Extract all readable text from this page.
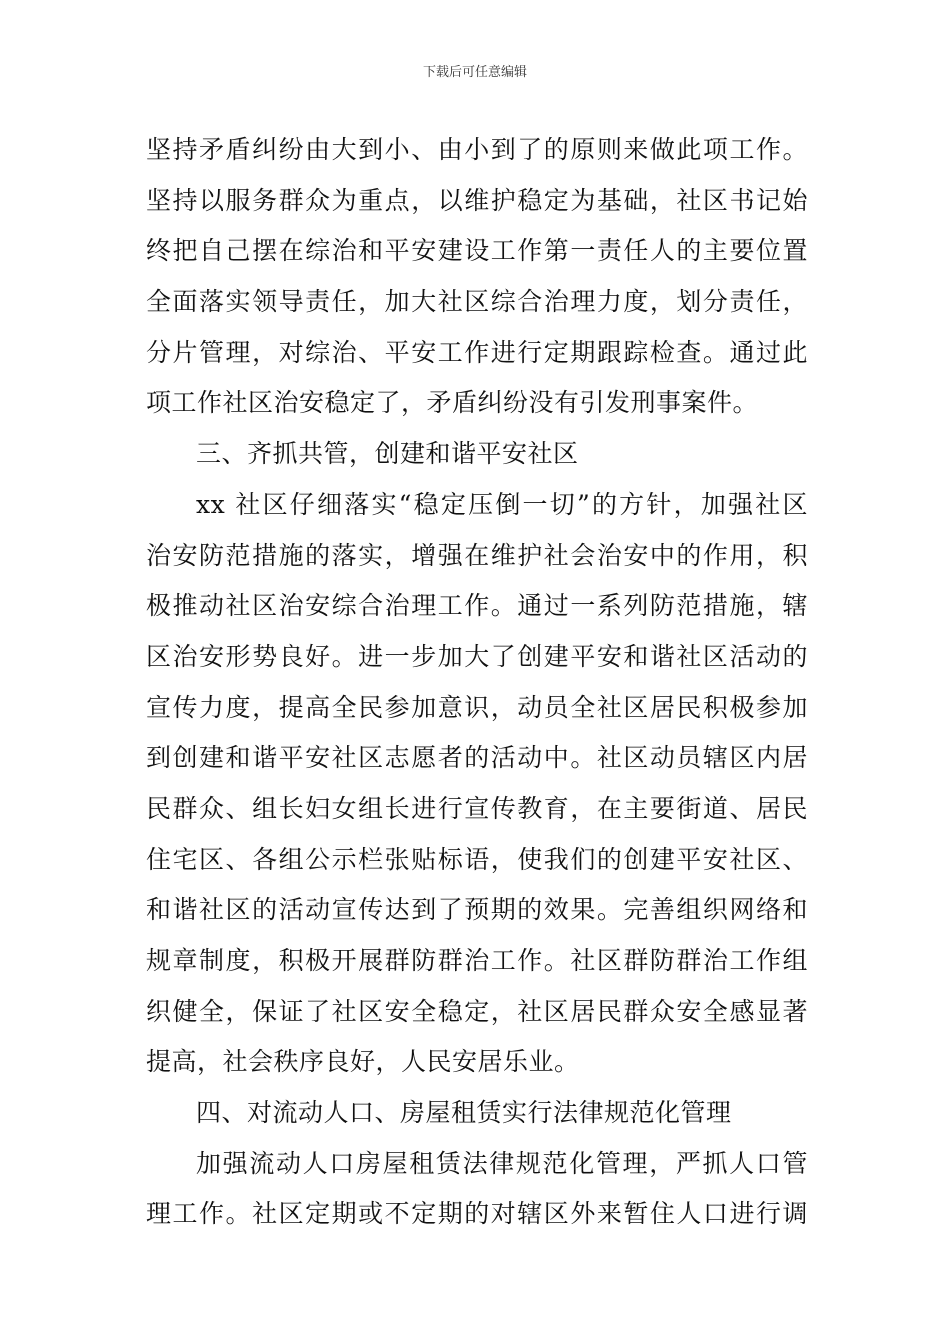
下载后可任意编辑
坚持矛盾纠纷由大到小、由小到了的原则来做此项工作。
坚持以服务群众为重点，以维护稳定为基础，社区书记始
终把自己摆在综治和平安建设工作第一责任人的主要位置
全面落实领导责任，加大社区综合治理力度，划分责任，
分片管理，对综治、平安工作进行定期跟踪检查。通过此
项工作社区治安稳定了，矛盾纠纷没有引发刑事案件。
三、齐抓共管，创建和谐平安社区
xx 社区仔细落实“稳定压倒一切”的方针，加强社区
治安防范措施的落实，增强在维护社会治安中的作用，积
极推动社区治安综合治理工作。通过一系列防范措施，辖
区治安形势良好。进一步加大了创建平安和谐社区活动的
宣传力度，提高全民参加意识，动员全社区居民积极参加
到创建和谐平安社区志愿者的活动中。社区动员辖区内居
民群众、组长妇女组长进行宣传教育，在主要街道、居民
住宅区、各组公示栏张贴标语，使我们的创建平安社区、
和谐社区的活动宣传达到了预期的效果。完善组织网络和
规章制度，积极开展群防群治工作。社区群防群治工作组
织健全，保证了社区安全稳定，社区居民群众安全感显著
提高，社会秩序良好，人民安居乐业。
四、对流动人口、房屋租赁实行法律规范化管理
加强流动人口房屋租赁法律规范化管理，严抓人口管
理工作。社区定期或不定期的对辖区外来暂住人口进行调
